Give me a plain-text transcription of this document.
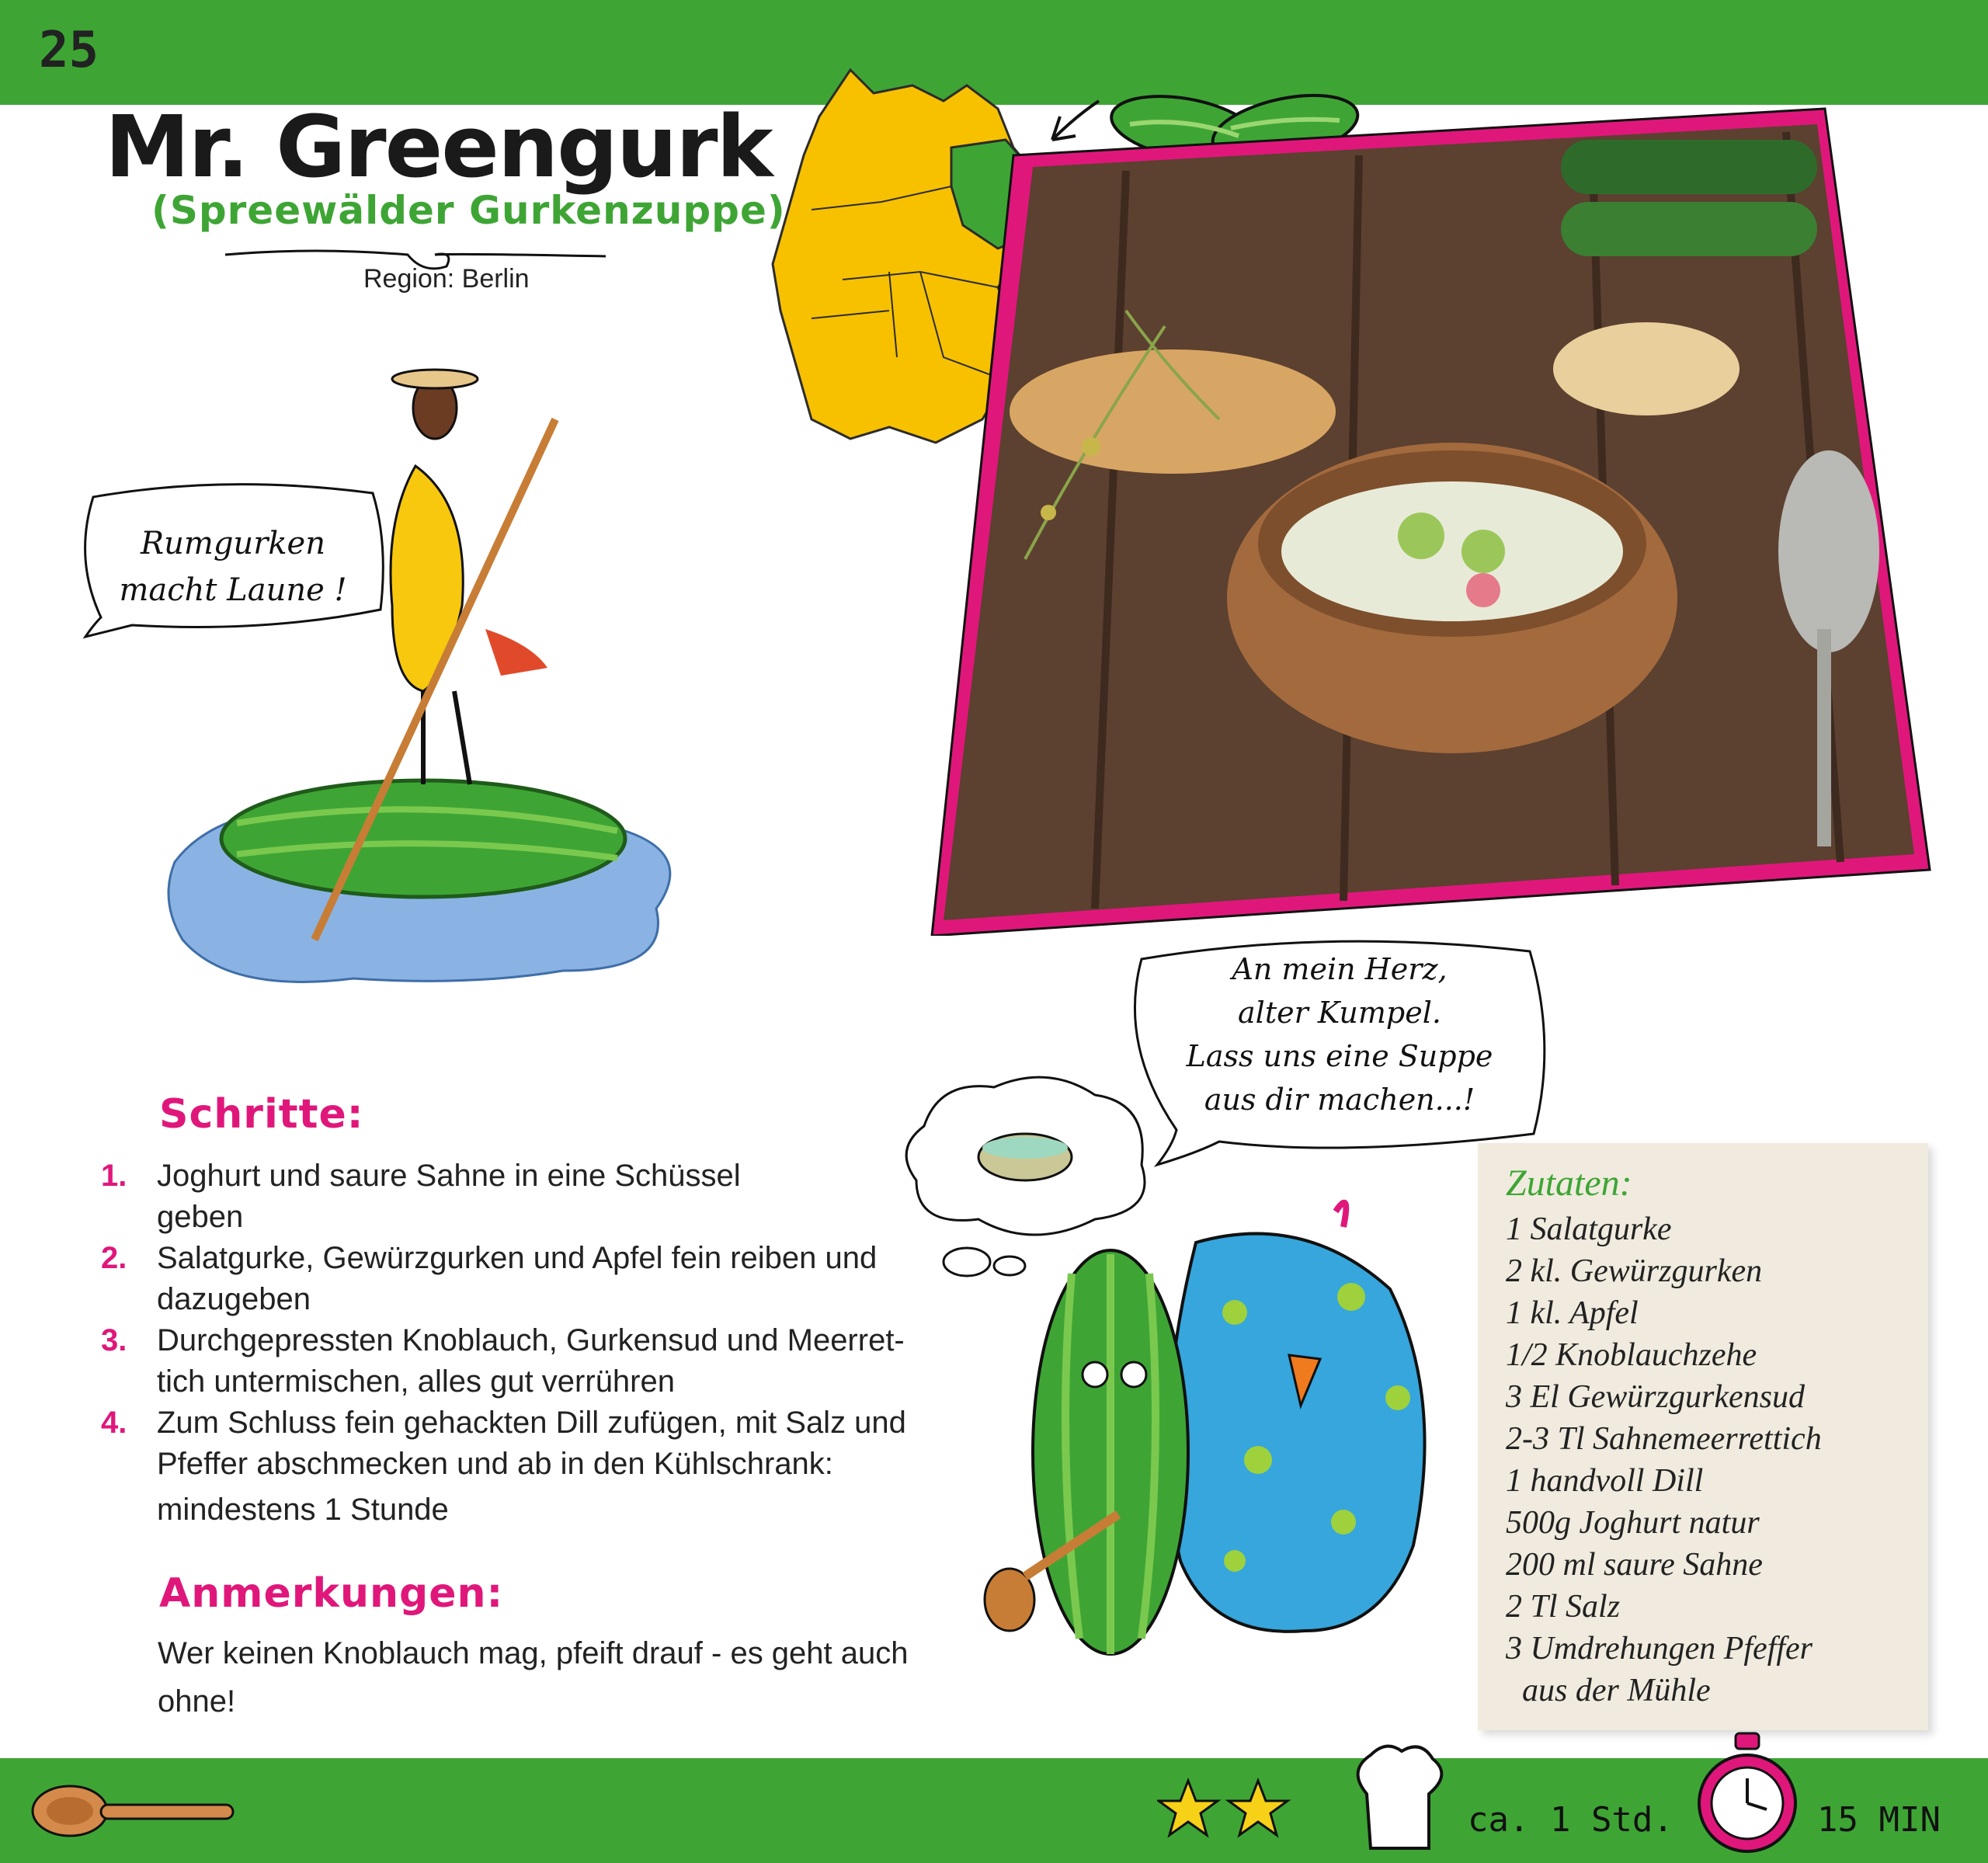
25
Mr. Greengurk
(Spreewälder Gurkenzuppe)
Region: Berlin
Rumgurken
macht Laune !
An mein Herz,
alter Kumpel.
Lass uns eine Suppe
aus dir machen...!
Schritte:
1. Joghurt und saure Sahne in eine Schüssel
geben
2. Salatgurke, Gewürzgurken und Apfel fein reiben und
dazugeben
3. Durchgepressten Knoblauch, Gurkensud und Meerret-
tich untermischen, alles gut verrühren
4. Zum Schluss fein gehackten Dill zufügen, mit Salz und
Pfeffer abschmecken und ab in den Kühlschrank:
mindestens 1 Stunde
Anmerkungen:
Wer keinen Knoblauch mag, pfeift drauf - es geht auch
ohne!
Zutaten:
1 Salatgurke
2 kl. Gewürzgurken
1 kl. Apfel
1/2 Knoblauchzehe
3 El Gewürzgurkensud
2-3 Tl Sahnemeerrettich
1 handvoll Dill
500g Joghurt natur
200 ml saure Sahne
2 Tl Salz
3 Umdrehungen Pfeffer
aus der Mühle
ca. 1 Std.	15 MIN
